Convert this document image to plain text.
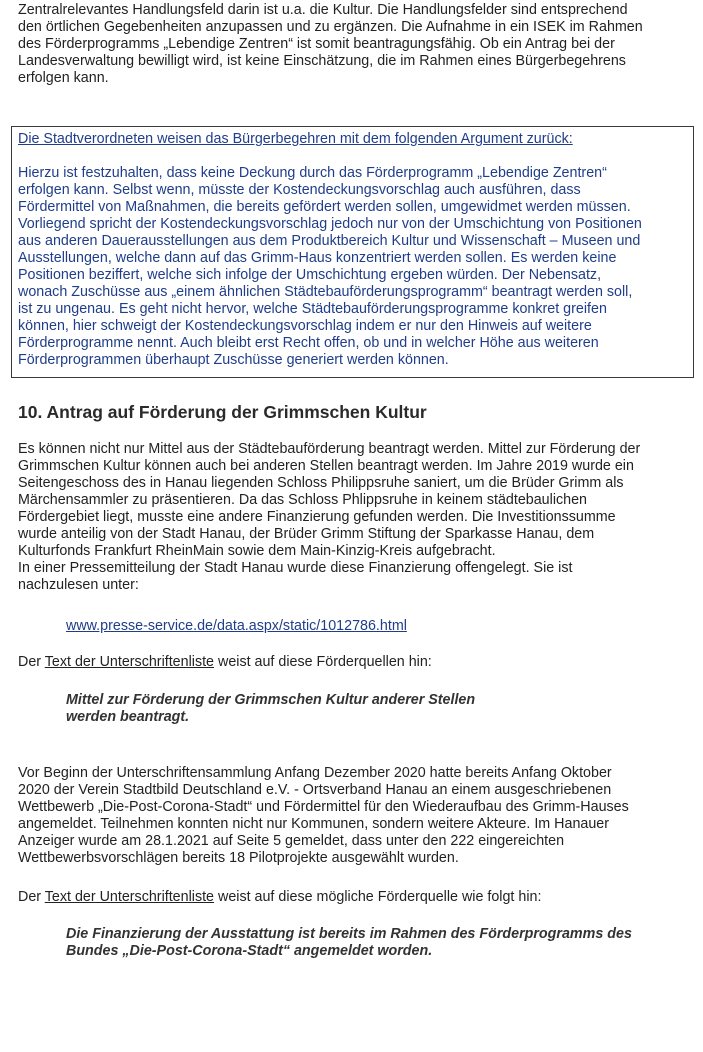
Zentralrelevantes Handlungsfeld darin ist u.a. die Kultur. Die Handlungsfelder sind entsprechend
den örtlichen Gegebenheiten anzupassen und zu ergänzen. Die Aufnahme in ein ISEK im Rahmen
des Förderprogramms „Lebendige Zentren“ ist somit beantragungsfähig. Ob ein Antrag bei der
Landesverwaltung bewilligt wird, ist keine Einschätzung, die im Rahmen eines Bürgerbegehrens
erfolgen kann.
Die Stadtverordneten weisen das Bürgerbegehren mit dem folgenden Argument zurück:
Hierzu ist festzuhalten, dass keine Deckung durch das Förderprogramm „Lebendige Zentren“
erfolgen kann. Selbst wenn, müsste der Kostendeckungsvorschlag auch ausführen, dass
Fördermittel von Maßnahmen, die bereits gefördert werden sollen, umgewidmet werden müssen.
Vorliegend spricht der Kostendeckungsvorschlag jedoch nur von der Umschichtung von Positionen
aus anderen Dauerausstellungen aus dem Produktbereich Kultur und Wissenschaft – Museen und
Ausstellungen, welche dann auf das Grimm-Haus konzentriert werden sollen. Es werden keine
Positionen beziffert, welche sich infolge der Umschichtung ergeben würden. Der Nebensatz,
wonach Zuschüsse aus „einem ähnlichen Städtebauförderungsprogramm“ beantragt werden soll,
ist zu ungenau. Es geht nicht hervor, welche Städtebauförderungsprogramme konkret greifen
können, hier schweigt der Kostendeckungsvorschlag indem er nur den Hinweis auf weitere
Förderprogramme nennt. Auch bleibt erst Recht offen, ob und in welcher Höhe aus weiteren
Förderprogrammen überhaupt Zuschüsse generiert werden können.
10. Antrag auf Förderung der Grimmschen Kultur
Es können nicht nur Mittel aus der Städtebauförderung beantragt werden. Mittel zur Förderung der
Grimmschen Kultur können auch bei anderen Stellen beantragt werden. Im Jahre 2019 wurde ein
Seitengeschoss des in Hanau liegenden Schloss Philippsruhe saniert, um die Brüder Grimm als
Märchensammler zu präsentieren. Da das Schloss Phlippsruhe in keinem städtebaulichen
Fördergebiet liegt, musste eine andere Finanzierung gefunden werden. Die Investitionssumme
wurde anteilig von der Stadt Hanau, der Brüder Grimm Stiftung der Sparkasse Hanau, dem
Kulturfonds Frankfurt RheinMain sowie dem Main-Kinzig-Kreis aufgebracht.
In einer Pressemitteilung der Stadt Hanau wurde diese Finanzierung offengelegt. Sie ist
nachzulesen unter:
www.presse-service.de/data.aspx/static/1012786.html
Der Text der Unterschriftenliste weist auf diese Förderquellen hin:
Mittel zur Förderung der Grimmschen Kultur anderer Stellen
werden beantragt.
Vor Beginn der Unterschriftensammlung Anfang Dezember 2020 hatte bereits Anfang Oktober
2020 der Verein Stadtbild Deutschland e.V. - Ortsverband Hanau an einem ausgeschriebenen
Wettbewerb „Die-Post-Corona-Stadt“ und Fördermittel für den Wiederaufbau des Grimm-Hauses
angemeldet. Teilnehmen konnten nicht nur Kommunen, sondern weitere Akteure. Im Hanauer
Anzeiger wurde am 28.1.2021 auf Seite 5 gemeldet, dass unter den 222 eingereichten
Wettbewerbsvorschlägen bereits 18 Pilotprojekte ausgewählt wurden.
Der Text der Unterschriftenliste weist auf diese mögliche Förderquelle wie folgt hin:
Die Finanzierung der Ausstattung ist bereits im Rahmen des Förderprogramms des
Bundes „Die-Post-Corona-Stadt“ angemeldet worden.
